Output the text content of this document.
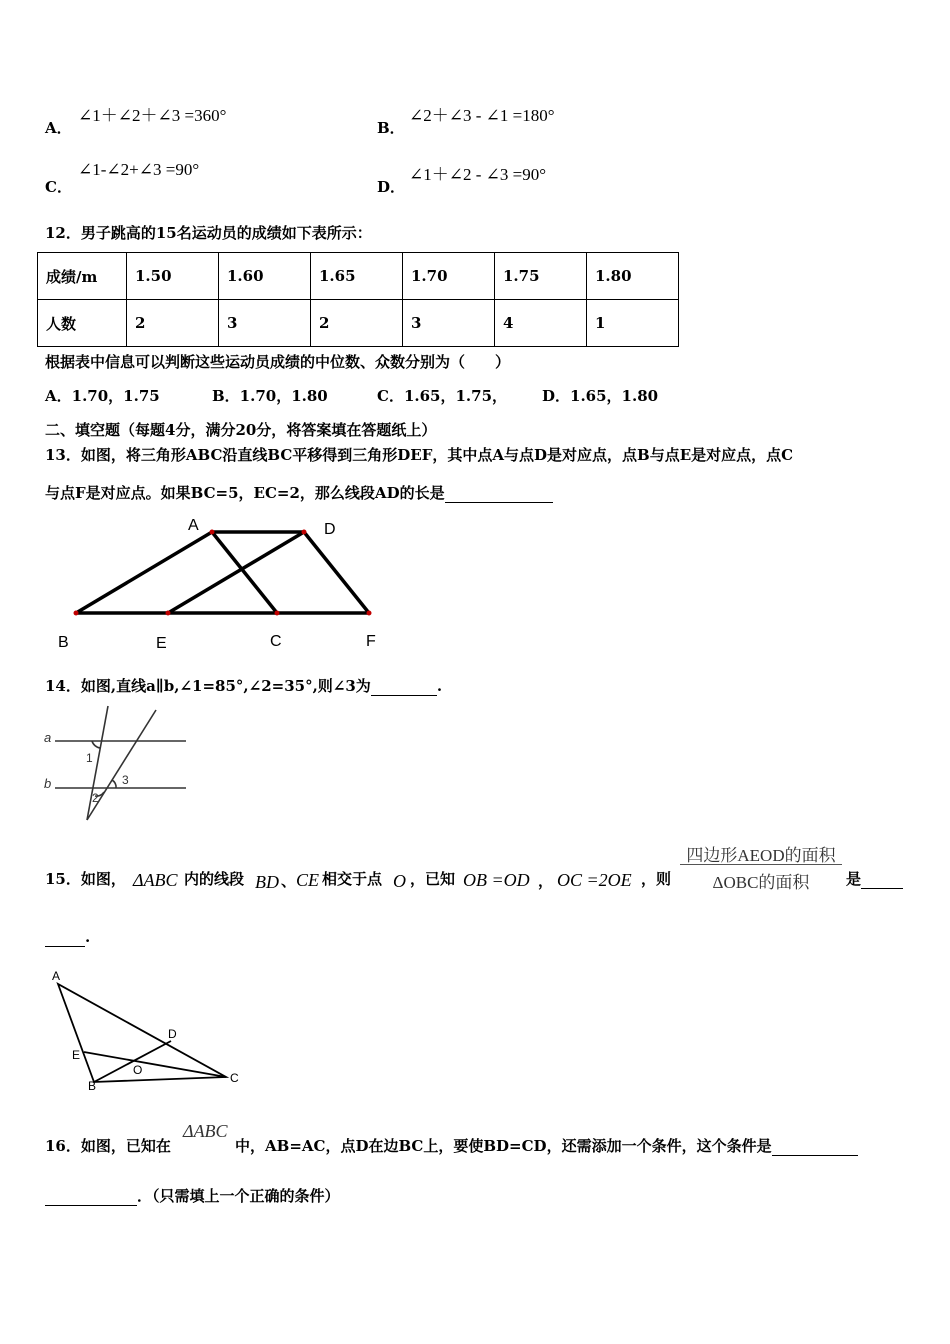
A．
∠1＋∠2＋∠3 =360°
B．
∠2＋∠3 - ∠1 =180°
C．
∠1-∠2+∠3 =90°
D．
∠1＋∠2 - ∠3 =90°
12．男子跳高的15名运动员的成绩如下表所示：
成绩/m	1.50	1.60	1.65	1.70	1.75	1.80
人数	2	3	2	3	4	1
根据表中信息可以判断这些运动员成绩的中位数、众数分别为（　　）
A．1.70，1.75	B．1.70，1.80	C．1.65，1.75， D．1.65，1.80
二、填空题（每题4分，满分20分，将答案填在答题纸上）
13．如图，将三角形ABC沿直线BC平移得到三角形DEF，其中点A与点D是对应点，点B与点E是对应点，点C
与点F是对应点。如果BC=5，EC=2，那么线段AD的长是
A	D
B	E	C	F
14．如图,直线a∥b,∠1=85°,∠2=35°,则∠3为	.
a
b
1
2
3
15．如图， ΔABC 内的线段 BD 、 CE 相交于点 O ，已知 OB =OD ， OC =2OE ，则
四边形AEOD的面积
ΔOBC的面积	是
.
A
D
E
O
B
C
16．如图，已知在
ΔABC
中，AB=AC，点D在边BC上，要使BD=CD，还需添加一个条件，这个条件是
．（只需填上一个正确的条件）
